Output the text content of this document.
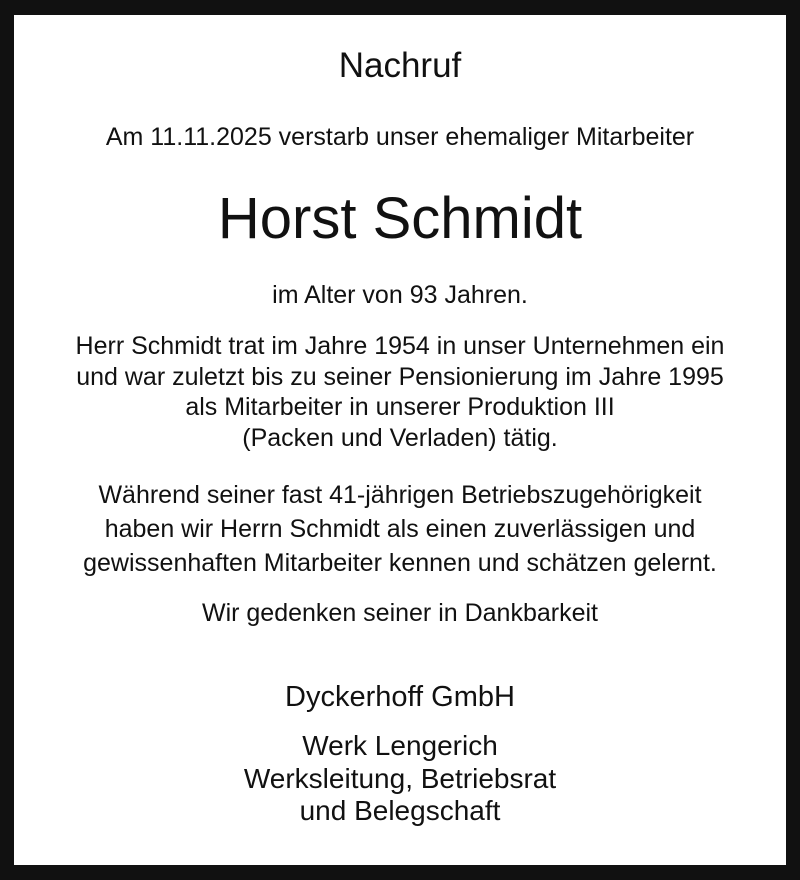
Nachruf
Am 11.11.2025 verstarb unser ehemaliger Mitarbeiter
Horst Schmidt
im Alter von 93 Jahren.
Herr Schmidt trat im Jahre 1954 in unser Unternehmen ein
und war zuletzt bis zu seiner Pensionierung im Jahre 1995
als Mitarbeiter in unserer Produktion III
(Packen und Verladen) tätig.
Während seiner fast 41-jährigen Betriebszugehörigkeit
haben wir Herrn Schmidt als einen zuverlässigen und
gewissenhaften Mitarbeiter kennen und schätzen gelernt.
Wir gedenken seiner in Dankbarkeit
Dyckerhoff GmbH
Werk Lengerich
Werksleitung, Betriebsrat
und Belegschaft
